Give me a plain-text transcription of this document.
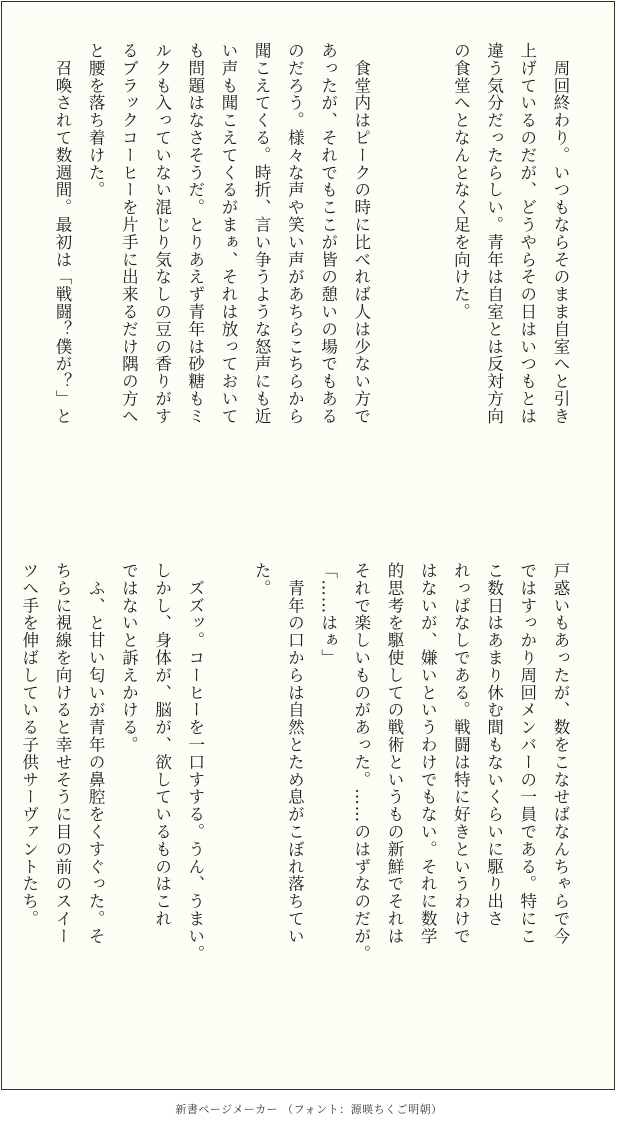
　周回終わり。いつもならそのまま自室へと引き
上げているのだが、どうやらその日はいつもとは
違う気分だったらしい。青年は自室とは反対方向
の食堂へとなんとなく足を向けた。

　食堂内はピークの時に比べれば人は少ない方で
あったが、それでもここが皆の憩いの場でもある
のだろう。様々な声や笑い声があちらこちらから
聞こえてくる。時折、言い争うような怒声にも近
い声も聞こえてくるがまぁ、それは放っておいて
も問題はなさそうだ。とりあえず青年は砂糖もミ
ルクも入っていない混じり気なしの豆の香りがす
るブラックコーヒーを片手に出来るだけ隅の方へ
と腰を落ち着けた。
　召喚されて数週間。最初は「戦闘？僕が？」と
戸惑いもあったが、数をこなせばなんちゃらで今
ではすっかり周回メンバーの一員である。特にこ
こ数日はあまり休む間もないくらいに駆り出さ
れっぱなしである。戦闘は特に好きというわけで
はないが、嫌いというわけでもない。それに数学
的思考を駆使しての戦術というもの新鮮でそれは
それで楽しいものがあった。……のはずなのだが。
「……はぁ」
　青年の口からは自然とため息がこぼれ落ちてい
た。

　ズズッ。コーヒーを一口すする。うん、うまい。
しかし、身体が、脳が、欲しているものはこれ
ではないと訴えかける。
　ふ、と甘い匂いが青年の鼻腔をくすぐった。そ
ちらに視線を向けると幸せそうに目の前のスイー
ツへ手を伸ばしている子供サーヴァントたち。
新書ページメーカー （フォント：源暎ちくご明朝）
